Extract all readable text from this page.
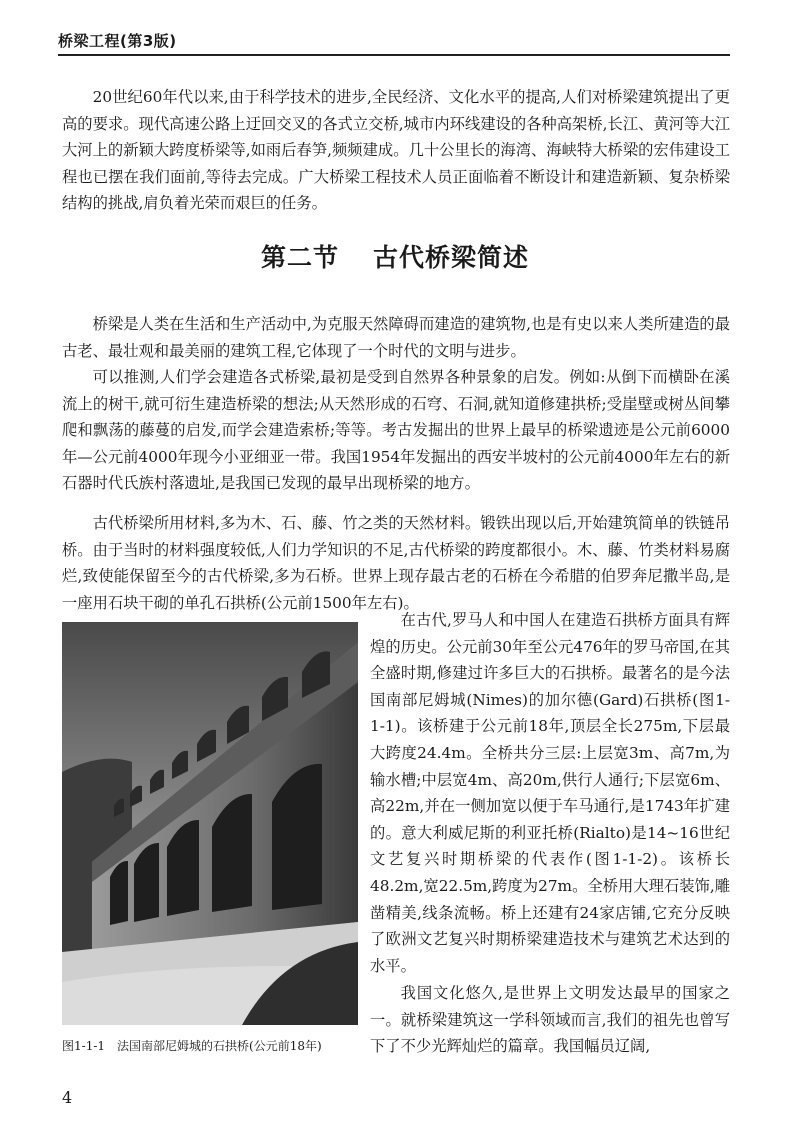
桥梁工程(第3版)

20世纪60年代以来,由于科学技术的进步,全民经济、文化水平的提高,人们对桥梁建筑提出了更高的要求。现代高速公路上迂回交叉的各式立交桥,城市内环线建设的各种高架桥,长江、黄河等大江大河上的新颖大跨度桥梁等,如雨后春笋,频频建成。几十公里长的海湾、海峡特大桥梁的宏伟建设工程也已摆在我们面前,等待去完成。广大桥梁工程技术人员正面临着不断设计和建造新颖、复杂桥梁结构的挑战,肩负着光荣而艰巨的任务。

第二节 古代桥梁简述

桥梁是人类在生活和生产活动中,为克服天然障碍而建造的建筑物,也是有史以来人类所建造的最古老、最壮观和最美丽的建筑工程,它体现了一个时代的文明与进步。

可以推测,人们学会建造各式桥梁,最初是受到自然界各种景象的启发。例如:从倒下而横卧在溪流上的树干,就可衍生建造桥梁的想法;从天然形成的石穹、石洞,就知道修建拱桥;受崖壁或树丛间攀爬和飘荡的藤蔓的启发,而学会建造索桥;等等。考古发掘出的世界上最早的桥梁遗迹是公元前6000年—公元前4000年现今小亚细亚一带。我国1954年发掘出的西安半坡村的公元前4000年左右的新石器时代氏族村落遗址,是我国已发现的最早出现桥梁的地方。

古代桥梁所用材料,多为木、石、藤、竹之类的天然材料。锻铁出现以后,开始建筑简单的铁链吊桥。由于当时的材料强度较低,人们力学知识的不足,古代桥梁的跨度都很小。木、藤、竹类材料易腐烂,致使能保留至今的古代桥梁,多为石桥。世界上现存最古老的石桥在今希腊的伯罗奔尼撒半岛,是一座用石块干砌的单孔石拱桥(公元前1500年左右)。

图1-1-1 法国南部尼姆城的石拱桥(公元前18年)

在古代,罗马人和中国人在建造石拱桥方面具有辉煌的历史。公元前30年至公元476年的罗马帝国,在其全盛时期,修建过许多巨大的石拱桥。最著名的是今法国南部尼姆城(Nimes)的加尔德(Gard)石拱桥(图1-1-1)。该桥建于公元前18年,顶层全长275m,下层最大跨度24.4m。全桥共分三层:上层宽3m、高7m,为输水槽;中层宽4m、高20m,供行人通行;下层宽6m、高22m,并在一侧加宽以便于车马通行,是1743年扩建的。意大利威尼斯的利亚托桥(Rialto)是14~16世纪文艺复兴时期桥梁的代表作(图1-1-2)。该桥长48.2m,宽22.5m,跨度为27m。全桥用大理石装饰,雕凿精美,线条流畅。桥上还建有24家店铺,它充分反映了欧洲文艺复兴时期桥梁建造技术与建筑艺术达到的水平。

我国文化悠久,是世界上文明发达最早的国家之一。就桥梁建筑这一学科领域而言,我们的祖先也曾写下了不少光辉灿烂的篇章。我国幅员辽阔,

4
